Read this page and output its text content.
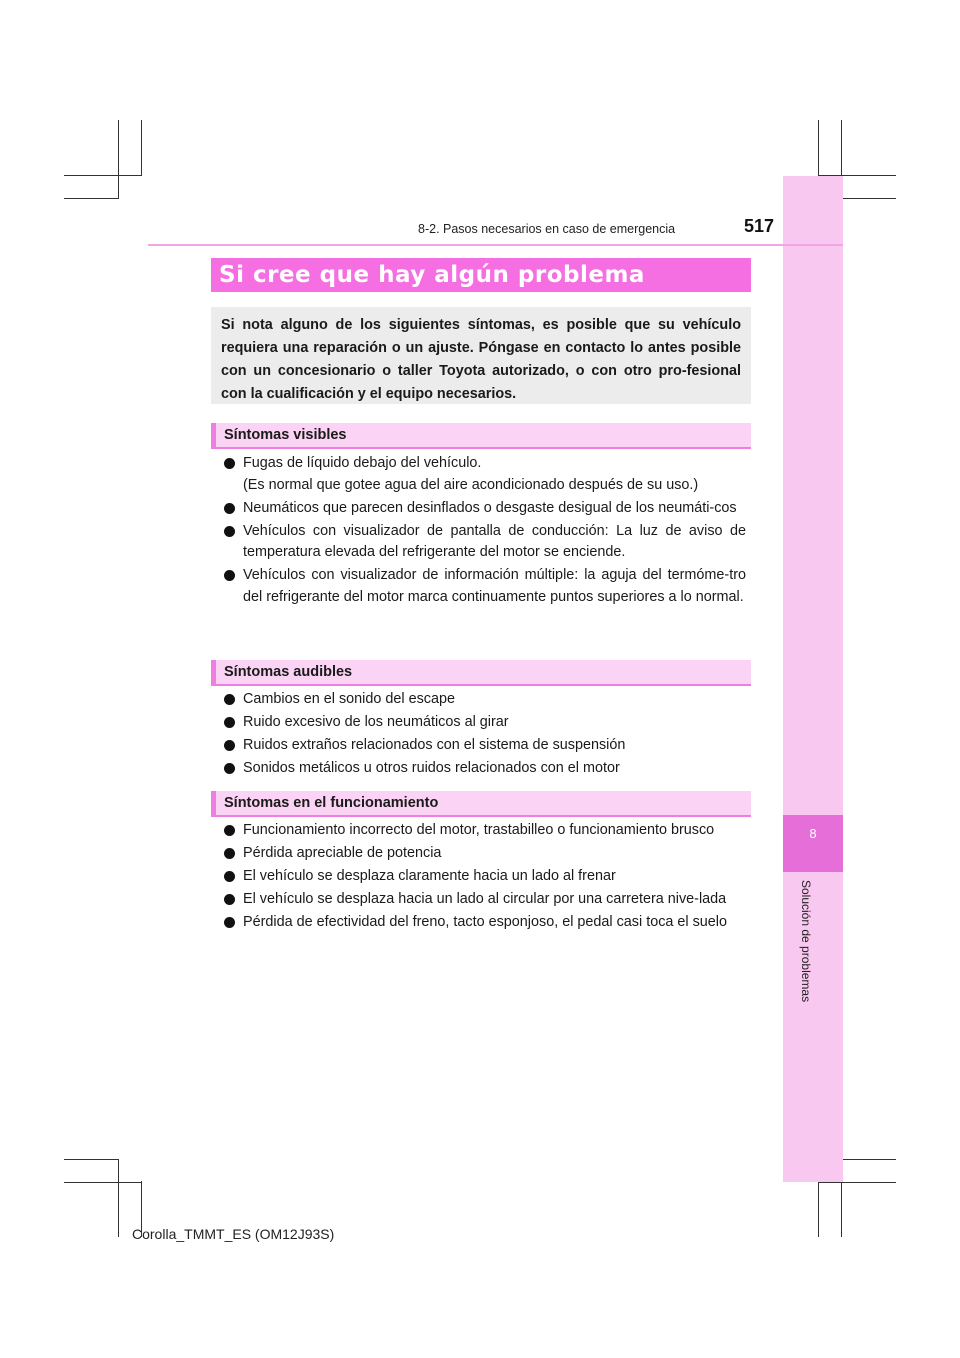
8
Solución de problemas
8-2. Pasos necesarios en caso de emergencia	517
Si cree que hay algún problema
Si nota alguno de los siguientes síntomas, es posible que su vehículo requiera una reparación o un ajuste. Póngase en contacto lo antes posible con un concesionario o taller Toyota autorizado, o con otro pro-fesional con la cualificación y el equipo necesarios.
Síntomas visibles
Fugas de líquido debajo del vehículo.
(Es normal que gotee agua del aire acondicionado después de su uso.)
Neumáticos que parecen desinflados o desgaste desigual de los neumáti-cos
Vehículos con visualizador de pantalla de conducción: La luz de aviso de temperatura elevada del refrigerante del motor se enciende.
Vehículos con visualizador de información múltiple: la aguja del termóme-tro del refrigerante del motor marca continuamente puntos superiores a lo normal.
Síntomas audibles
Cambios en el sonido del escape
Ruido excesivo de los neumáticos al girar
Ruidos extraños relacionados con el sistema de suspensión
Sonidos metálicos u otros ruidos relacionados con el motor
Síntomas en el funcionamiento
Funcionamiento incorrecto del motor, trastabilleo o funcionamiento brusco
Pérdida apreciable de potencia
El vehículo se desplaza claramente hacia un lado al frenar
El vehículo se desplaza hacia un lado al circular por una carretera nive-lada
Pérdida de efectividad del freno, tacto esponjoso, el pedal casi toca el suelo
Corolla_TMMT_ES (OM12J93S)
